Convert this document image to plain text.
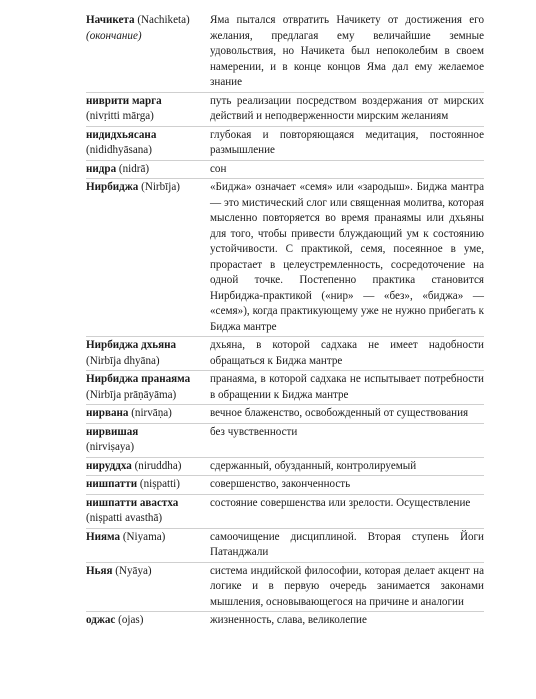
Начикета (Nachiketa)
(окончание)
Яма пытался отвратить Начикету от достижения его желания, предлагая ему величайшие земные удовольствия, но Начикета был непоколебим в своем намерении, и в конце концов Яма дал ему желаемое знание
ниврити марга
(nivṛitti mārga)
путь реализации посредством воздержания от мирских действий и неподверженности мирским желаниям
нидидхьясана
(nididhyāsana)
глубокая и повторяющаяся медитация, постоянное размышление
нидра (nidrā)	сон
Нирбиджа (Nirbīja)	«Биджа» означает «семя» или «зародыш». Биджа мантра — это мистический слог или священная молитва, которая мысленно повторяется во время пранаямы или дхьяны для того, чтобы привести блуждающий ум к состоянию устойчивости. С практикой, семя, посеянное в уме, прорастает в целеустремленность, сосредоточение на одной точке. Постепенно практика становится Нирбиджа-практикой («нир» — «без», «биджа» — «семя»), когда практикующему уже не нужно прибегать к Биджа мантре
Нирбиджа дхьяна
(Nirbīja dhyāna)
дхьяна, в которой садхака не имеет надобности обращаться к Биджа мантре
Нирбиджа пранаяма
(Nirbīja prāṇāyāma)
пранаяма, в которой садхака не испытывает потребности в обращении к Биджа мантре
нирвана (nirvāṇa)	вечное блаженство, освобожденный от существования
нирвишая
(nirviṣaya)
без чувственности
нируддха (niruddha)	сдержанный, обузданный, контролируемый
нишпатти (niṣpatti)	совершенство, законченность
нишпатти авастха
(niṣpatti avasthā)
состояние совершенства или зрелости. Осуществление
Нияма (Niyama)	самоочищение дисциплиной. Вторая ступень Йоги Патанджали
Ньяя (Nyāya)	система индийской философии, которая делает акцент на логике и в первую очередь занимается законами мышления, основывающегося на причине и аналогии
оджас (ojas)	жизненность, слава, великолепие
